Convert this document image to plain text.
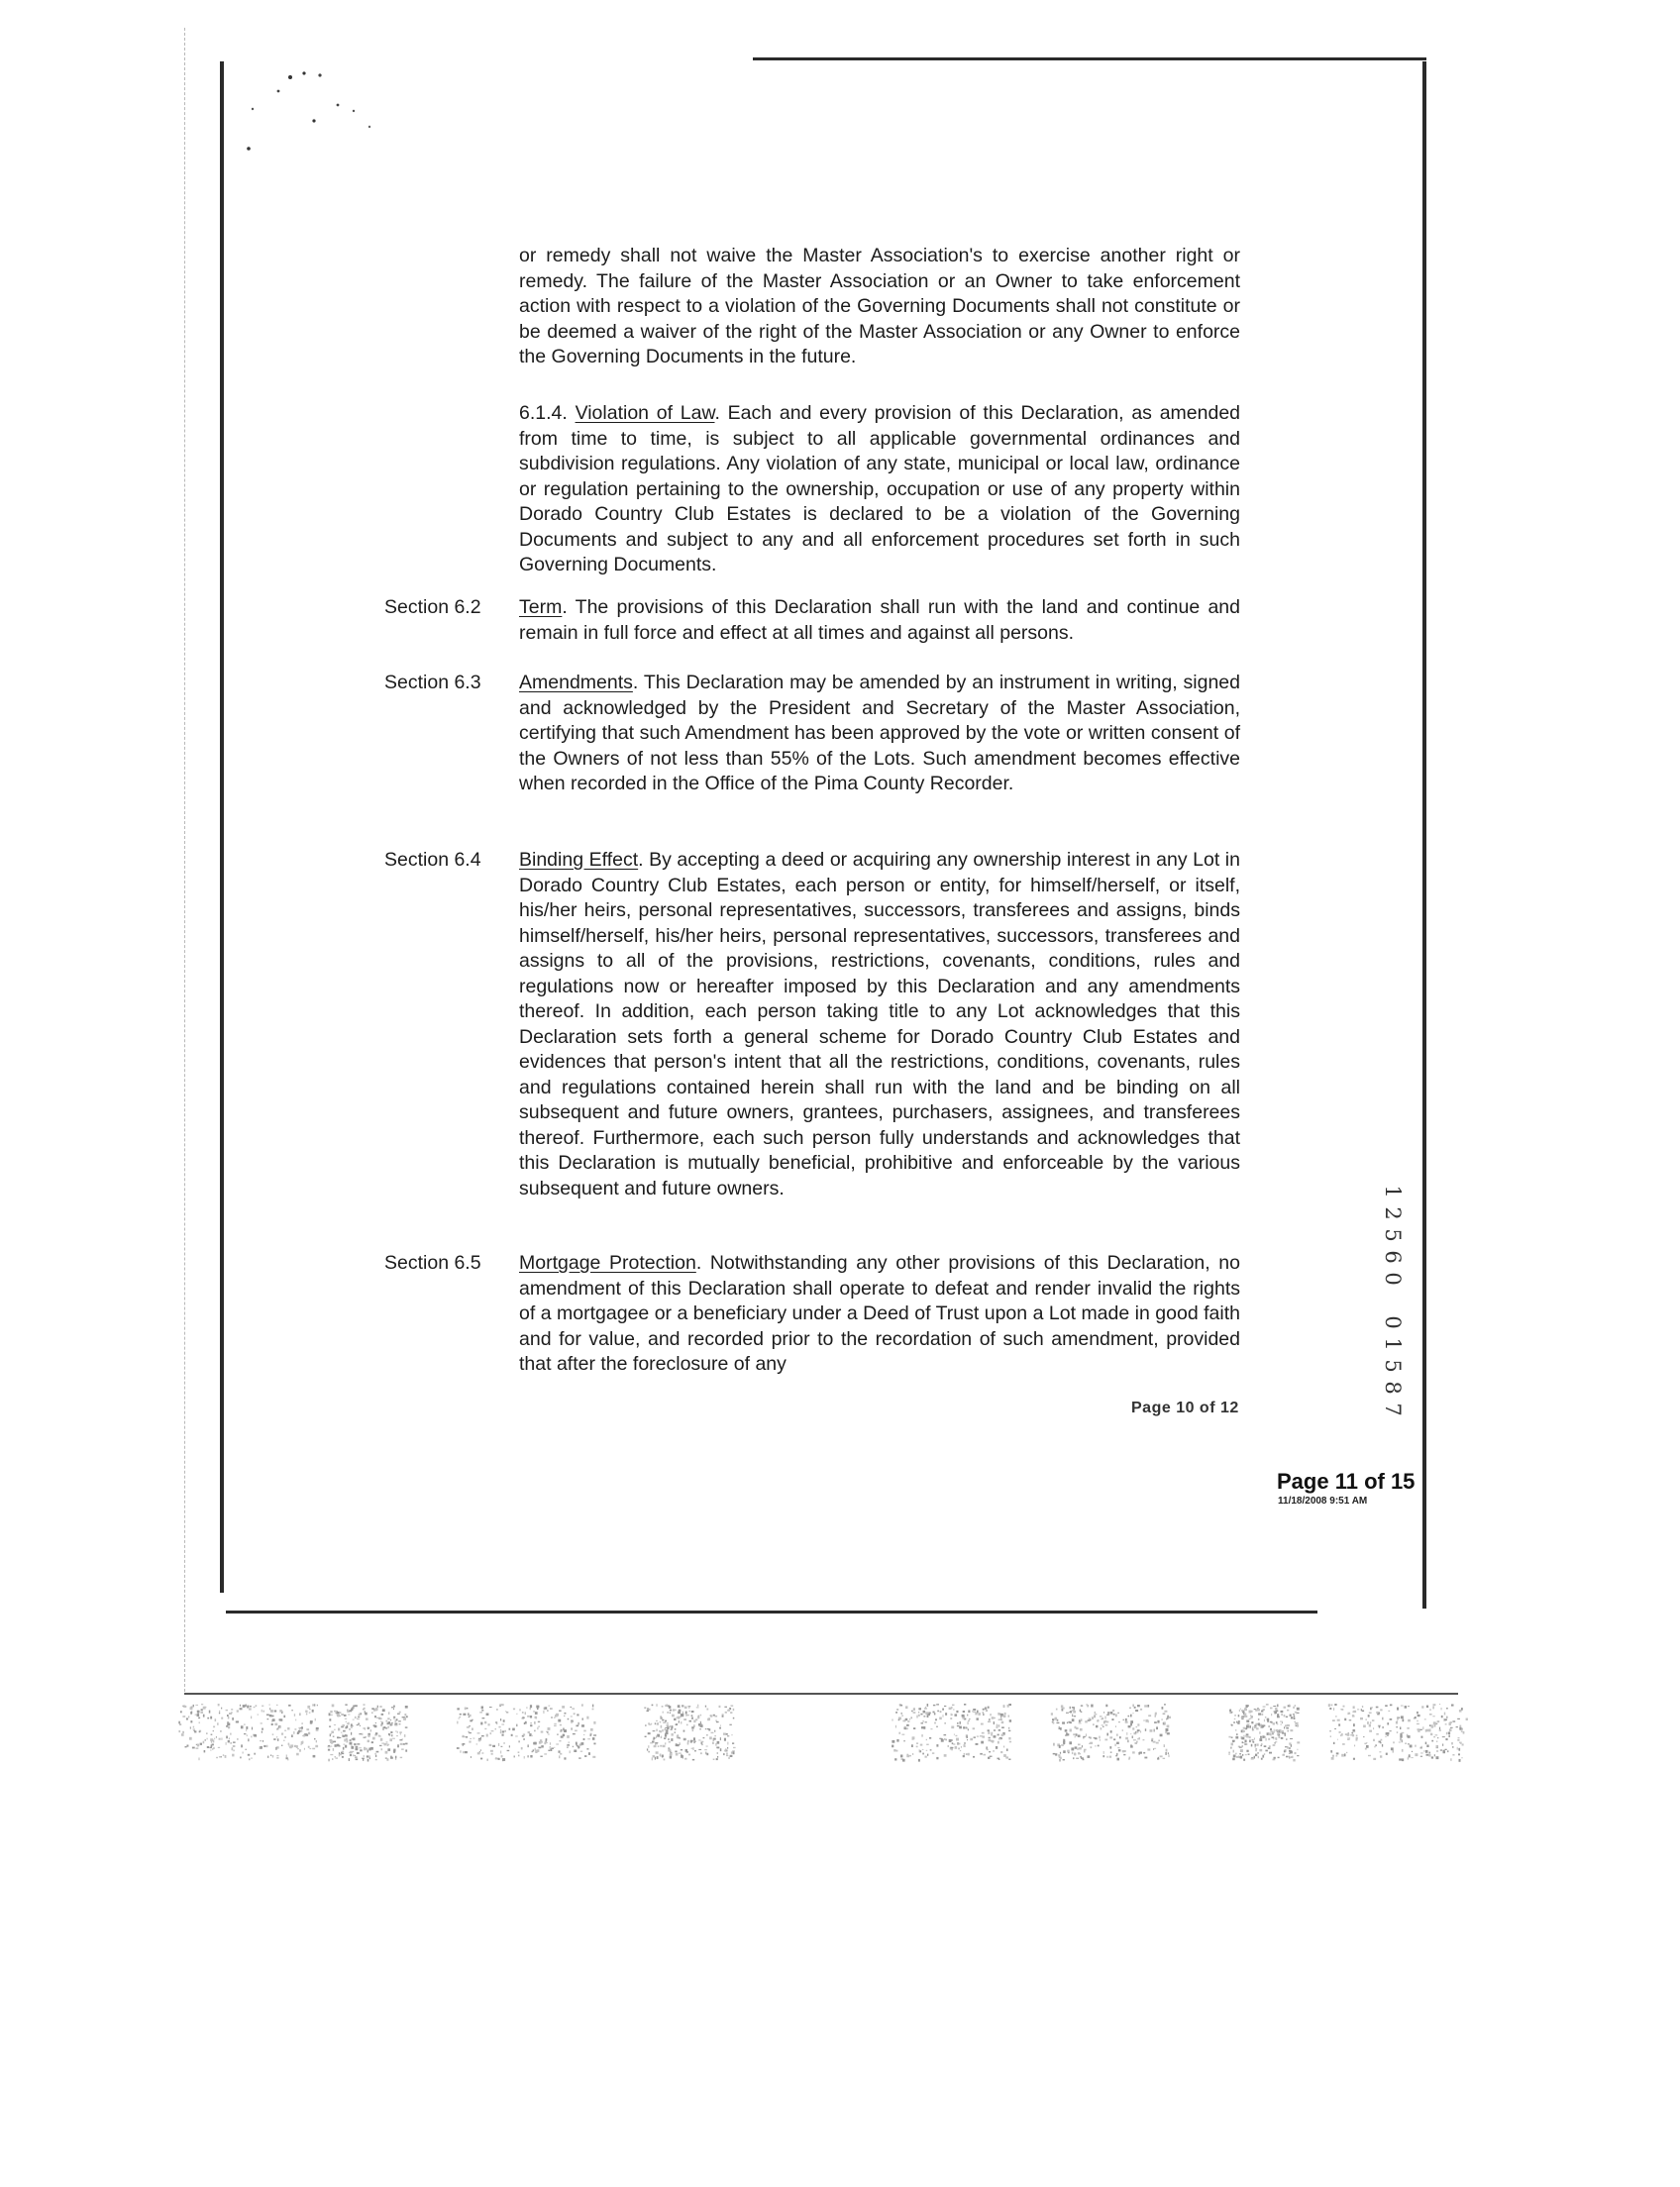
or remedy shall not waive the Master Association's to exercise another right or remedy. The failure of the Master Association or an Owner to take enforcement action with respect to a violation of the Governing Documents shall not constitute or be deemed a waiver of the right of the Master Association or any Owner to enforce the Governing Documents in the future.

6.1.4. Violation of Law. Each and every provision of this Declaration, as amended from time to time, is subject to all applicable governmental ordinances and subdivision regulations. Any violation of any state, municipal or local law, ordinance or regulation pertaining to the ownership, occupation or use of any property within Dorado Country Club Estates is declared to be a violation of the Governing Documents and subject to any and all enforcement procedures set forth in such Governing Documents.

Section 6.2 Term. The provisions of this Declaration shall run with the land and continue and remain in full force and effect at all times and against all persons.

Section 6.3 Amendments. This Declaration may be amended by an instrument in writing, signed and acknowledged by the President and Secretary of the Master Association, certifying that such Amendment has been approved by the vote or written consent of the Owners of not less than 55% of the Lots. Such amendment becomes effective when recorded in the Office of the Pima County Recorder.

Section 6.4 Binding Effect. By accepting a deed or acquiring any ownership interest in any Lot in Dorado Country Club Estates, each person or entity, for himself/herself, or itself, his/her heirs, personal representatives, successors, transferees and assigns, binds himself/herself, his/her heirs, personal representatives, successors, transferees and assigns to all of the provisions, restrictions, covenants, conditions, rules and regulations now or hereafter imposed by this Declaration and any amendments thereof. In addition, each person taking title to any Lot acknowledges that this Declaration sets forth a general scheme for Dorado Country Club Estates and evidences that person's intent that all the restrictions, conditions, covenants, rules and regulations contained herein shall run with the land and be binding on all subsequent and future owners, grantees, purchasers, assignees, and transferees thereof. Furthermore, each such person fully understands and acknowledges that this Declaration is mutually beneficial, prohibitive and enforceable by the various subsequent and future owners.

Section 6.5 Mortgage Protection. Notwithstanding any other provisions of this Declaration, no amendment of this Declaration shall operate to defeat and render invalid the rights of a mortgagee or a beneficiary under a Deed of Trust upon a Lot made in good faith and for value, and recorded prior to the recordation of such amendment, provided that after the foreclosure of any

Page 10 of 12
1
2
5
6
0

0
1
5
8
7
Page 11 of 15
11/18/2008 9:51 AM
